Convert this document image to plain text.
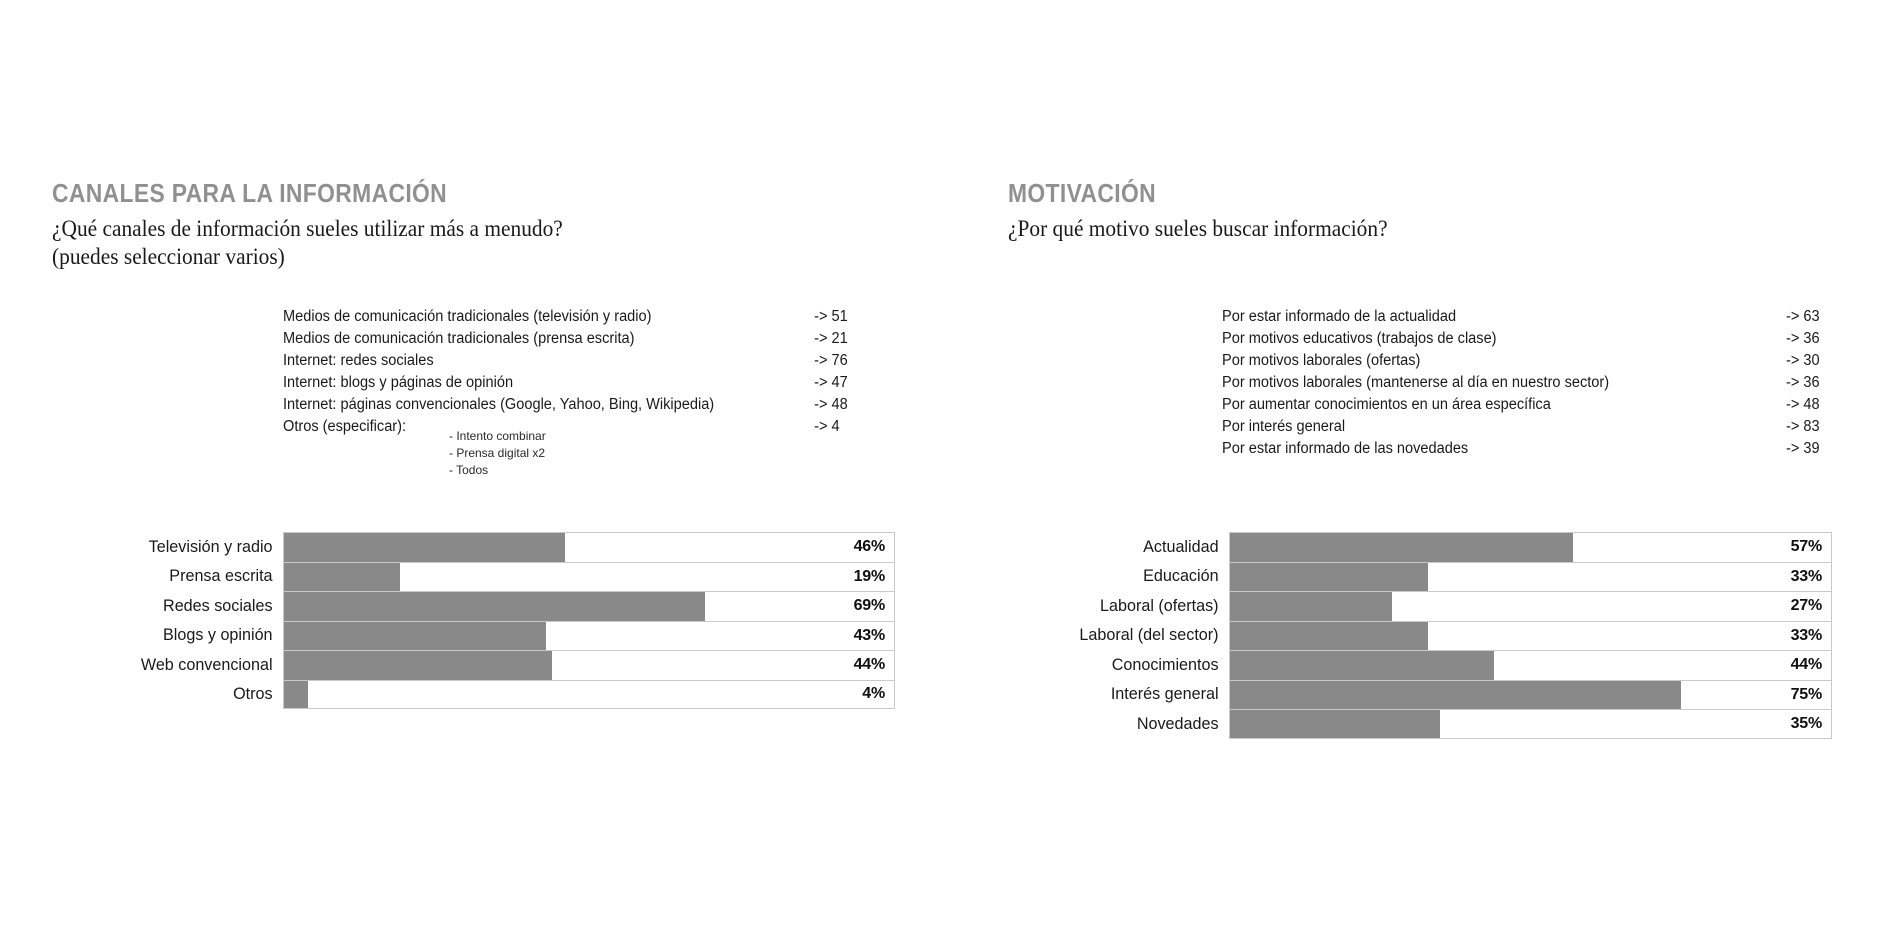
CANALES PARA LA INFORMACIÓN
¿Qué canales de información sueles utilizar más a menudo?
(puedes seleccionar varios)
Medios de comunicación tradicionales (televisión y radio)	-> 51
Medios de comunicación tradicionales (prensa escrita)	-> 21
Internet: redes sociales	-> 76
Internet: blogs y páginas de opinión	-> 47
Internet: páginas convencionales (Google, Yahoo, Bing, Wikipedia)	-> 48
Otros (especificar):	-> 4
- Intento combinar
- Prensa digital x2
- Todos
Televisión y radio	46%
Prensa escrita	19%
Redes sociales	69%
Blogs y opinión	43%
Web convencional	44%
Otros	4%
MOTIVACIÓN
¿Por qué motivo sueles buscar información?
Por estar informado de la actualidad	-> 63
Por motivos educativos (trabajos de clase)	-> 36
Por motivos laborales (ofertas)	-> 30
Por motivos laborales (mantenerse al día en nuestro sector)	-> 36
Por aumentar conocimientos en un área específica	-> 48
Por interés general	-> 83
Por estar informado de las novedades	-> 39
Actualidad	57%
Educación	33%
Laboral (ofertas)	27%
Laboral (del sector)	33%
Conocimientos	44%
Interés general	75%
Novedades	35%
